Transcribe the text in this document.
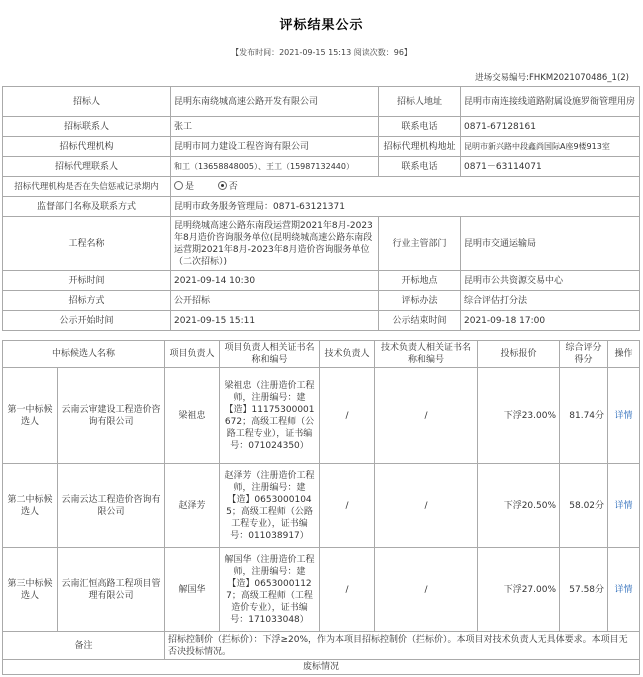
评标结果公示
【发布时间：2021-09-15 15:13 阅读次数：96】
进场交易编号:FHKM2021070486_1(2)
招标人	昆明东南绕城高速公路开发有限公司	招标人地址	昆明市南连接线道路附属设施罗衙管理用房
招标联系人	张工	联系电话	0871-67128161
招标代理机构	昆明市同力建设工程咨询有限公司	招标代理机构地址	昆明市新兴路中段鑫尚国际A座9楼913室
招标代理联系人	和工（13658848005）、王工（15987132440）	联系电话	0871－63114071
招标代理机构是否在失信惩戒记录期内	是 否		
监督部门名称及联系方式	昆明市政务服务管理局：0871-63121371		
工程名称	昆明绕城高速公路东南段运营期2021年8月-2023年8月造价咨询服务单位(昆明绕城高速公路东南段运营期2021年8月-2023年8月造价咨询服务单位（二次招标）)	行业主管部门	昆明市交通运输局
开标时间	2021-09-14 10:30	开标地点	昆明市公共资源交易中心
招标方式	公开招标	评标办法	综合评估打分法
公示开始时间	2021-09-15 15:11	公示结束时间	2021-09-18 17:00
中标候选人名称		项目负责人	项目负责人相关证书名称和编号	技术负责人	技术负责人相关证书名称和编号	投标报价	综合评分得分	操作
第一中标候选人	云南云审建设工程造价咨询有限公司	梁祖忠	梁祖忠（注册造价工程师，注册编号：建【造】11175300001672；高级工程师（公路工程专业），证书编号：071024350）	/	/	下浮23.00%	81.74分	详情
第二中标候选人	云南云达工程造价咨询有限公司	赵泽芳	赵泽芳（注册造价工程师，注册编号：建【造】06530001045；高级工程师（公路工程专业），证书编号：011038917）	/	/	下浮20.50%	58.02分	详情
第三中标候选人	云南汇恒高路工程项目管理有限公司	解国华	解国华（注册造价工程师，注册编号：建【造】06530001127；高级工程师（工程造价专业），证书编号：171033048）	/	/	下浮27.00%	57.58分	详情
备注		招标控制价（拦标价）：下浮≥20%，作为本项目招标控制价（拦标价）。本项目对技术负责人无具体要求。本项目无否决投标情况。						
废标情况								
